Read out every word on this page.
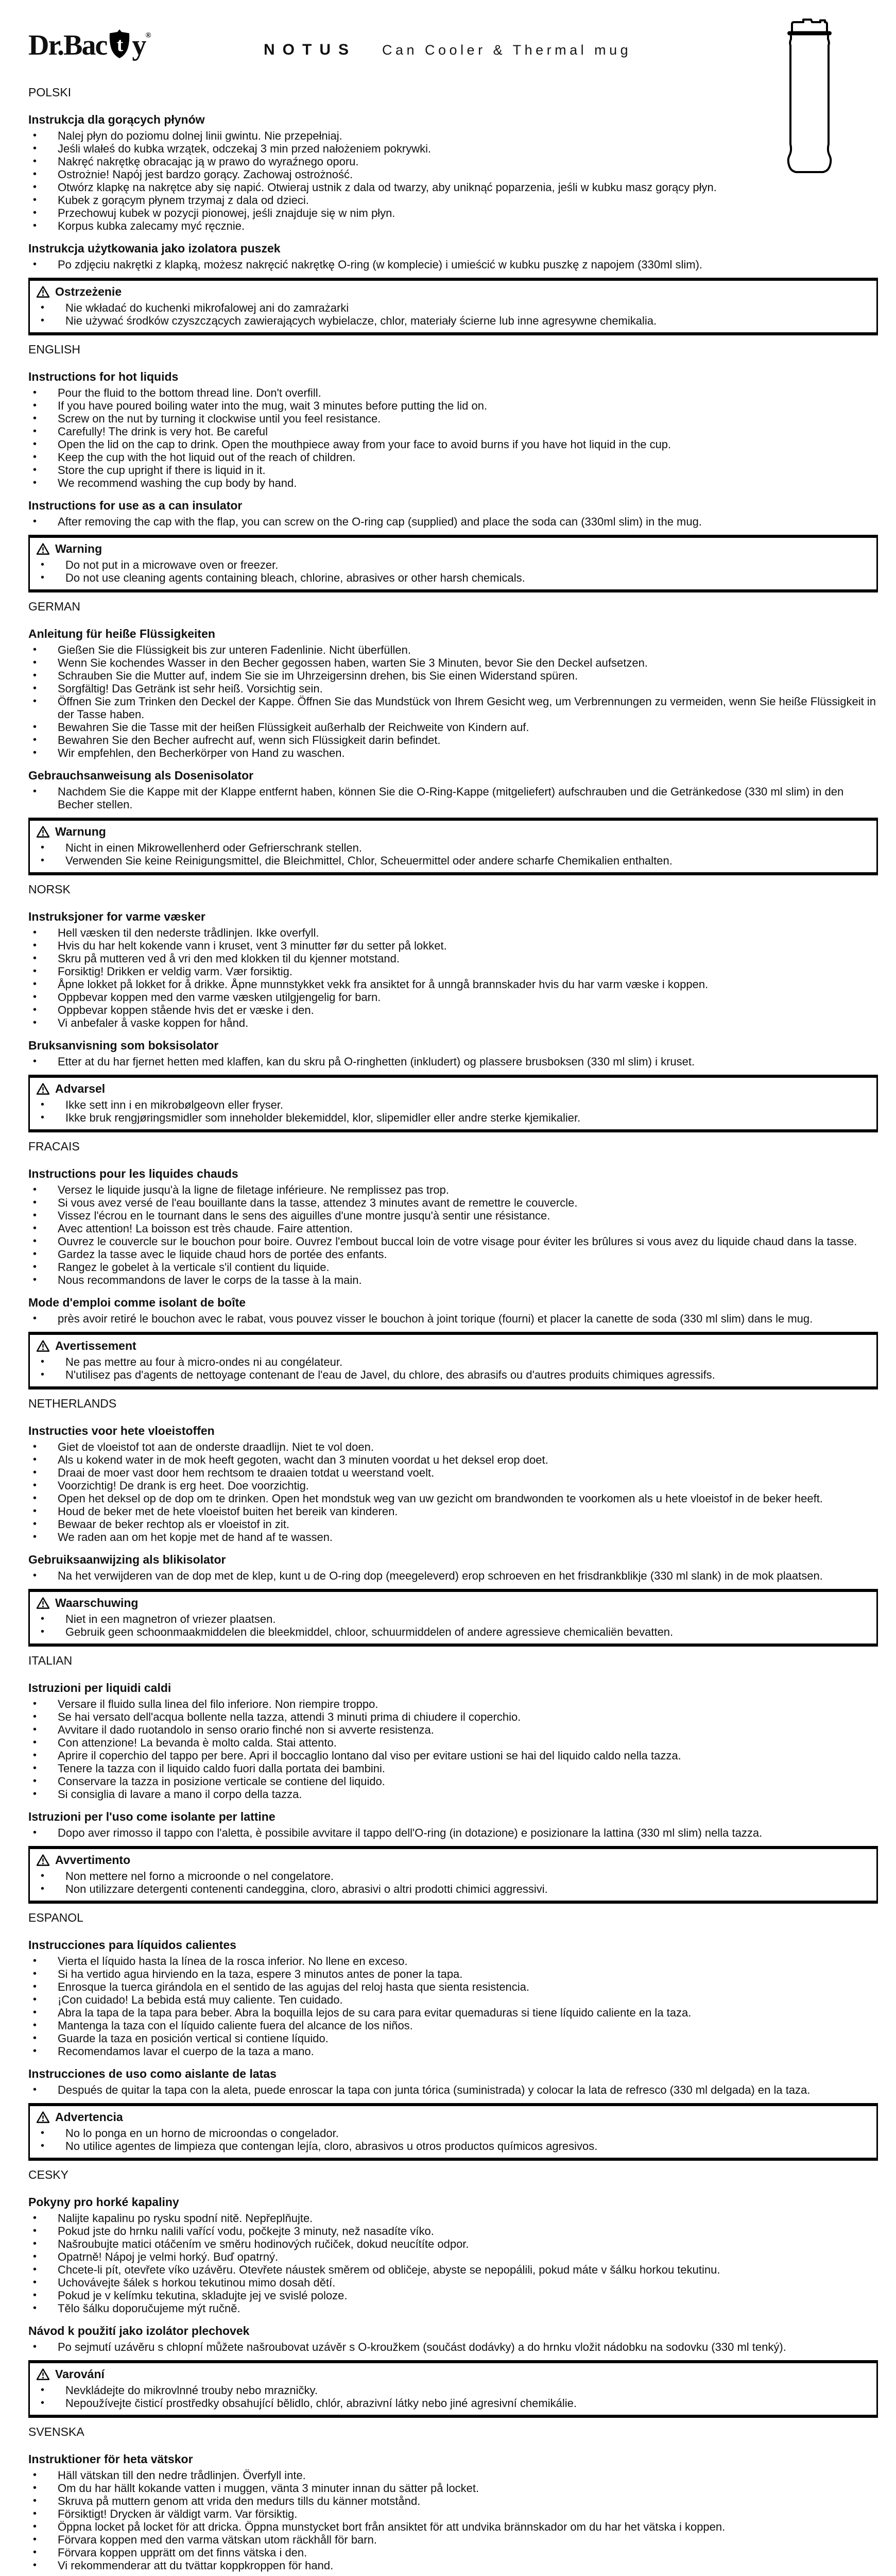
Dr.Bac t y®
NOTUS Can Cooler & Thermal mug
POLSKI
Instrukcja dla gorących płynów
• Nalej płyn do poziomu dolnej linii gwintu. Nie przepełniaj.
• Jeśli wlałeś do kubka wrzątek, odczekaj 3 min przed nałożeniem pokrywki.
• Nakręć nakrętkę obracając ją w prawo do wyraźnego oporu.
• Ostrożnie! Napój jest bardzo gorący. Zachowaj ostrożność.
• Otwórz klapkę na nakrętce aby się napić. Otwieraj ustnik z dala od twarzy, aby uniknąć poparzenia, jeśli w kubku masz gorący płyn.
• Kubek z gorącym płynem trzymaj z dala od dzieci.
• Przechowuj kubek w pozycji pionowej, jeśli znajduje się w nim płyn.
• Korpus kubka zalecamy myć ręcznie.
Instrukcja użytkowania jako izolatora puszek
• Po zdjęciu nakrętki z klapką, możesz nakręcić nakrętkę O-ring (w komplecie) i umieścić w kubku puszkę z napojem (330ml slim).
Ostrzeżenie
• Nie wkładać do kuchenki mikrofalowej ani do zamrażarki
• Nie używać środków czyszczących zawierających wybielacze, chlor, materiały ścierne lub inne agresywne chemikalia.
ENGLISH
Instructions for hot liquids
• Pour the fluid to the bottom thread line. Don't overfill.
• If you have poured boiling water into the mug, wait 3 minutes before putting the lid on.
• Screw on the nut by turning it clockwise until you feel resistance.
• Carefully! The drink is very hot. Be careful
• Open the lid on the cap to drink. Open the mouthpiece away from your face to avoid burns if you have hot liquid in the cup.
• Keep the cup with the hot liquid out of the reach of children.
• Store the cup upright if there is liquid in it.
• We recommend washing the cup body by hand.
Instructions for use as a can insulator
• After removing the cap with the flap, you can screw on the O-ring cap (supplied) and place the soda can (330ml slim) in the mug.
Warning
• Do not put in a microwave oven or freezer.
• Do not use cleaning agents containing bleach, chlorine, abrasives or other harsh chemicals.
GERMAN
Anleitung für heiße Flüssigkeiten
• Gießen Sie die Flüssigkeit bis zur unteren Fadenlinie. Nicht überfüllen.
• Wenn Sie kochendes Wasser in den Becher gegossen haben, warten Sie 3 Minuten, bevor Sie den Deckel aufsetzen.
• Schrauben Sie die Mutter auf, indem Sie sie im Uhrzeigersinn drehen, bis Sie einen Widerstand spüren.
• Sorgfältig! Das Getränk ist sehr heiß. Vorsichtig sein.
• Öffnen Sie zum Trinken den Deckel der Kappe. Öffnen Sie das Mundstück von Ihrem Gesicht weg, um Verbrennungen zu vermeiden, wenn Sie heiße Flüssigkeit in der Tasse haben.
• Bewahren Sie die Tasse mit der heißen Flüssigkeit außerhalb der Reichweite von Kindern auf.
• Bewahren Sie den Becher aufrecht auf, wenn sich Flüssigkeit darin befindet.
• Wir empfehlen, den Becherkörper von Hand zu waschen.
Gebrauchsanweisung als Dosenisolator
• Nachdem Sie die Kappe mit der Klappe entfernt haben, können Sie die O-Ring-Kappe (mitgeliefert) aufschrauben und die Getränkedose (330 ml slim) in den Becher stellen.
Warnung
• Nicht in einen Mikrowellenherd oder Gefrierschrank stellen.
• Verwenden Sie keine Reinigungsmittel, die Bleichmittel, Chlor, Scheuermittel oder andere scharfe Chemikalien enthalten.
NORSK
Instruksjoner for varme væsker
• Hell væsken til den nederste trådlinjen. Ikke overfyll.
• Hvis du har helt kokende vann i kruset, vent 3 minutter før du setter på lokket.
• Skru på mutteren ved å vri den med klokken til du kjenner motstand.
• Forsiktig! Drikken er veldig varm. Vær forsiktig.
• Åpne lokket på lokket for å drikke. Åpne munnstykket vekk fra ansiktet for å unngå brannskader hvis du har varm væske i koppen.
• Oppbevar koppen med den varme væsken utilgjengelig for barn.
• Oppbevar koppen stående hvis det er væske i den.
• Vi anbefaler å vaske koppen for hånd.
Bruksanvisning som boksisolator
• Etter at du har fjernet hetten med klaffen, kan du skru på O-ringhetten (inkludert) og plassere brusboksen (330 ml slim) i kruset.
Advarsel
• Ikke sett inn i en mikrobølgeovn eller fryser.
• Ikke bruk rengjøringsmidler som inneholder blekemiddel, klor, slipemidler eller andre sterke kjemikalier.
FRACAIS
Instructions pour les liquides chauds
• Versez le liquide jusqu'à la ligne de filetage inférieure. Ne remplissez pas trop.
• Si vous avez versé de l'eau bouillante dans la tasse, attendez 3 minutes avant de remettre le couvercle.
• Vissez l'écrou en le tournant dans le sens des aiguilles d'une montre jusqu'à sentir une résistance.
• Avec attention! La boisson est très chaude. Faire attention.
• Ouvrez le couvercle sur le bouchon pour boire. Ouvrez l'embout buccal loin de votre visage pour éviter les brûlures si vous avez du liquide chaud dans la tasse.
• Gardez la tasse avec le liquide chaud hors de portée des enfants.
• Rangez le gobelet à la verticale s'il contient du liquide.
• Nous recommandons de laver le corps de la tasse à la main.
Mode d'emploi comme isolant de boîte
• près avoir retiré le bouchon avec le rabat, vous pouvez visser le bouchon à joint torique (fourni) et placer la canette de soda (330 ml slim) dans le mug.
Avertissement
• Ne pas mettre au four à micro-ondes ni au congélateur.
• N'utilisez pas d'agents de nettoyage contenant de l'eau de Javel, du chlore, des abrasifs ou d'autres produits chimiques agressifs.
NETHERLANDS
Instructies voor hete vloeistoffen
• Giet de vloeistof tot aan de onderste draadlijn. Niet te vol doen.
• Als u kokend water in de mok heeft gegoten, wacht dan 3 minuten voordat u het deksel erop doet.
• Draai de moer vast door hem rechtsom te draaien totdat u weerstand voelt.
• Voorzichtig! De drank is erg heet. Doe voorzichtig.
• Open het deksel op de dop om te drinken. Open het mondstuk weg van uw gezicht om brandwonden te voorkomen als u hete vloeistof in de beker heeft.
• Houd de beker met de hete vloeistof buiten het bereik van kinderen.
• Bewaar de beker rechtop als er vloeistof in zit.
• We raden aan om het kopje met de hand af te wassen.
Gebruiksaanwijzing als blikisolator
• Na het verwijderen van de dop met de klep, kunt u de O-ring dop (meegeleverd) erop schroeven en het frisdrankblikje (330 ml slank) in de mok plaatsen.
Waarschuwing
• Niet in een magnetron of vriezer plaatsen.
• Gebruik geen schoonmaakmiddelen die bleekmiddel, chloor, schuurmiddelen of andere agressieve chemicaliën bevatten.
ITALIAN
Istruzioni per liquidi caldi
• Versare il fluido sulla linea del filo inferiore. Non riempire troppo.
• Se hai versato dell'acqua bollente nella tazza, attendi 3 minuti prima di chiudere il coperchio.
• Avvitare il dado ruotandolo in senso orario finché non si avverte resistenza.
• Con attenzione! La bevanda è molto calda. Stai attento.
• Aprire il coperchio del tappo per bere. Apri il boccaglio lontano dal viso per evitare ustioni se hai del liquido caldo nella tazza.
• Tenere la tazza con il liquido caldo fuori dalla portata dei bambini.
• Conservare la tazza in posizione verticale se contiene del liquido.
• Si consiglia di lavare a mano il corpo della tazza.
Istruzioni per l'uso come isolante per lattine
• Dopo aver rimosso il tappo con l'aletta, è possibile avvitare il tappo dell'O-ring (in dotazione) e posizionare la lattina (330 ml slim) nella tazza.
Avvertimento
• Non mettere nel forno a microonde o nel congelatore.
• Non utilizzare detergenti contenenti candeggina, cloro, abrasivi o altri prodotti chimici aggressivi.
ESPANOL
Instrucciones para líquidos calientes
• Vierta el líquido hasta la línea de la rosca inferior. No llene en exceso.
• Si ha vertido agua hirviendo en la taza, espere 3 minutos antes de poner la tapa.
• Enrosque la tuerca girándola en el sentido de las agujas del reloj hasta que sienta resistencia.
• ¡Con cuidado! La bebida está muy caliente. Ten cuidado.
• Abra la tapa de la tapa para beber. Abra la boquilla lejos de su cara para evitar quemaduras si tiene líquido caliente en la taza.
• Mantenga la taza con el líquido caliente fuera del alcance de los niños.
• Guarde la taza en posición vertical si contiene líquido.
• Recomendamos lavar el cuerpo de la taza a mano.
Instrucciones de uso como aislante de latas
• Después de quitar la tapa con la aleta, puede enroscar la tapa con junta tórica (suministrada) y colocar la lata de refresco (330 ml delgada) en la taza.
Advertencia
• No lo ponga en un horno de microondas o congelador.
• No utilice agentes de limpieza que contengan lejía, cloro, abrasivos u otros productos químicos agresivos.
CESKY
Pokyny pro horké kapaliny
• Nalijte kapalinu po rysku spodní nitě. Nepřeplňujte.
• Pokud jste do hrnku nalili vařící vodu, počkejte 3 minuty, než nasadíte víko.
• Našroubujte matici otáčením ve směru hodinových ručiček, dokud neucítíte odpor.
• Opatrně! Nápoj je velmi horký. Buď opatrný.
• Chcete-li pít, otevřete víko uzávěru. Otevřete náustek směrem od obličeje, abyste se nepopálili, pokud máte v šálku horkou tekutinu.
• Uchovávejte šálek s horkou tekutinou mimo dosah dětí.
• Pokud je v kelímku tekutina, skladujte jej ve svislé poloze.
• Tělo šálku doporučujeme mýt ručně.
Návod k použití jako izolátor plechovek
• Po sejmutí uzávěru s chlopní můžete našroubovat uzávěr s O-kroužkem (součást dodávky) a do hrnku vložit nádobku na sodovku (330 ml tenký).
Varování
• Nevkládejte do mikrovlnné trouby nebo mrazničky.
• Nepoužívejte čisticí prostředky obsahující bělidlo, chlór, abrazivní látky nebo jiné agresivní chemikálie.
SVENSKA
Instruktioner för heta vätskor
• Häll vätskan till den nedre trådlinjen. Överfyll inte.
• Om du har hällt kokande vatten i muggen, vänta 3 minuter innan du sätter på locket.
• Skruva på muttern genom att vrida den medurs tills du känner motstånd.
• Försiktigt! Drycken är väldigt varm. Var försiktig.
• Öppna locket på locket för att dricka. Öppna munstycket bort från ansiktet för att undvika brännskador om du har het vätska i koppen.
• Förvara koppen med den varma vätskan utom räckhåll för barn.
• Förvara koppen upprätt om det finns vätska i den.
• Vi rekommenderar att du tvättar koppkroppen för hand.
